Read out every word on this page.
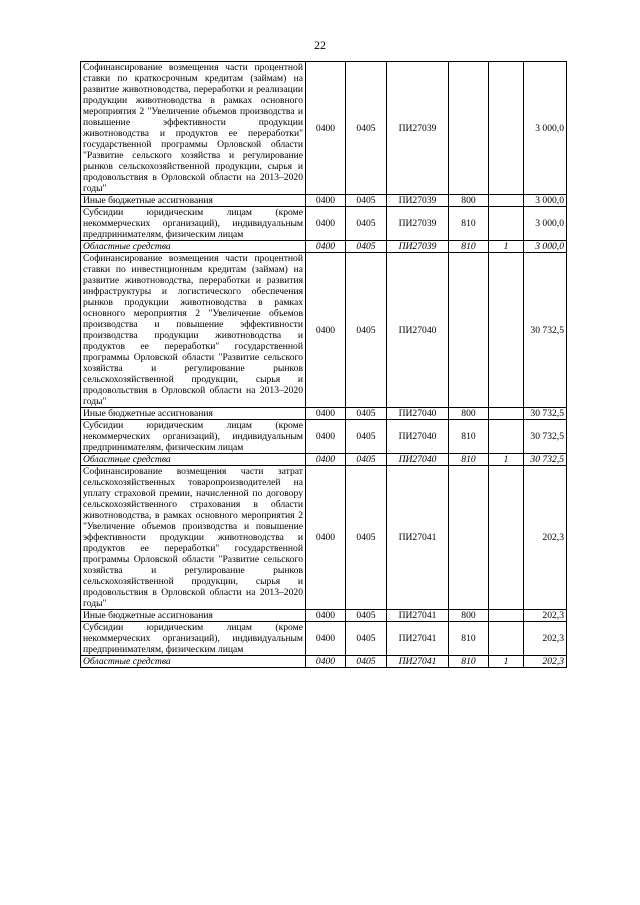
22
Софинансирование возмещения части процентной ставки по краткосрочным кредитам (займам) на развитие животноводства, переработки и реализации продукции животноводства в рамках основного мероприятия 2 "Увеличение объемов производства и повышение эффективности продукции животноводства и продуктов ее переработки" государственной программы Орловской области "Развитие сельского хозяйства и регулирование рынков сельскохозяйственной продукции, сырья и продовольствия в Орловской области на 2013–2020 годы"	0400	0405	ПИ27039			3 000,0
Иные бюджетные ассигнования	0400	0405	ПИ27039	800		3 000,0
Субсидии юридическим лицам (кроме некоммерческих организаций), индивидуальным предпринимателям, физическим лицам	0400	0405	ПИ27039	810		3 000,0
Областные средства	0400	0405	ПИ27039	810	1	3 000,0
Софинансирование возмещения части процентной ставки по инвестиционным кредитам (займам) на развитие животноводства, переработки и развития инфраструктуры и логистического обеспечения рынков продукции животноводства в рамках основного мероприятия 2 "Увеличение объемов производства и повышение эффективности производства продукции животноводства и продуктов ее переработки" государственной программы Орловской области "Развитие сельского хозяйства и регулирование рынков сельскохозяйственной продукции, сырья и продовольствия в Орловской области на 2013–2020 годы"	0400	0405	ПИ27040			30 732,5
Иные бюджетные ассигнования	0400	0405	ПИ27040	800		30 732,5
Субсидии юридическим лицам (кроме некоммерческих организаций), индивидуальным предпринимателям, физическим лицам	0400	0405	ПИ27040	810		30 732,5
Областные средства	0400	0405	ПИ27040	810	1	30 732,5
Софинансирование возмещения части затрат сельскохозяйственных товаропроизводителей на уплату страховой премии, начисленной по договору сельскохозяйственного страхования в области животноводства, в рамках основного мероприятия 2 "Увеличение объемов производства и повышение эффективности продукции животноводства и продуктов ее переработки" государственной программы Орловской области "Развитие сельского хозяйства и регулирование рынков сельскохозяйственной продукции, сырья и продовольствия в Орловской области на 2013–2020 годы"	0400	0405	ПИ27041			202,3
Иные бюджетные ассигнования	0400	0405	ПИ27041	800		202,3
Субсидии юридическим лицам (кроме некоммерческих организаций), индивидуальным предпринимателям, физическим лицам	0400	0405	ПИ27041	810		202,3
Областные средства	0400	0405	ПИ27041	810	1	202,3
